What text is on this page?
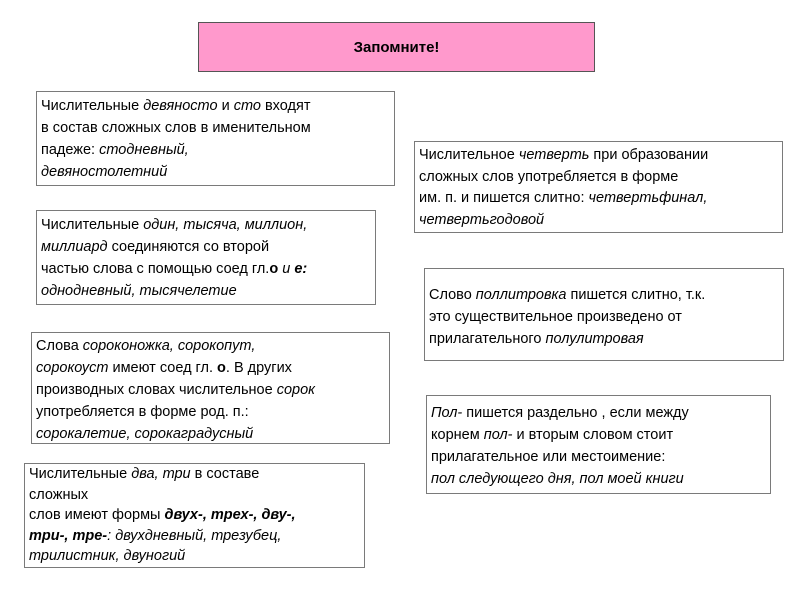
Запомните!
Числительные девяносто и сто входят
в состав сложных слов в именительном
падеже: стодневный,
девяностолетний
Числительные один, тысяча, миллион,
миллиард соединяются со второй
частью слова с помощью соед гл.о и е:
однодневный, тысячелетие
Слова сороконожка, сорокопут,
сорокоуст имеют соед гл. о. В других
производных словах числительное сорок
употребляется в форме род. п.:
сорокалетие, сорокаградусный
Числительные два, три в составе
сложных
слов имеют формы двух-, трех-, дву-,
три-, тре-: двухдневный, трезубец,
трилистник, двуногий
Числительное четверть при образовании
сложных слов употребляется в форме
им. п. и пишется слитно: четвертьфинал,
четвертьгодовой
Слово поллитровка пишется слитно, т.к.
это существительное произведено от
прилагательного полулитровая
Пол- пишется раздельно , если между
корнем пол- и вторым словом стоит
прилагательное или местоимение:
пол следующего дня, пол моей книги
